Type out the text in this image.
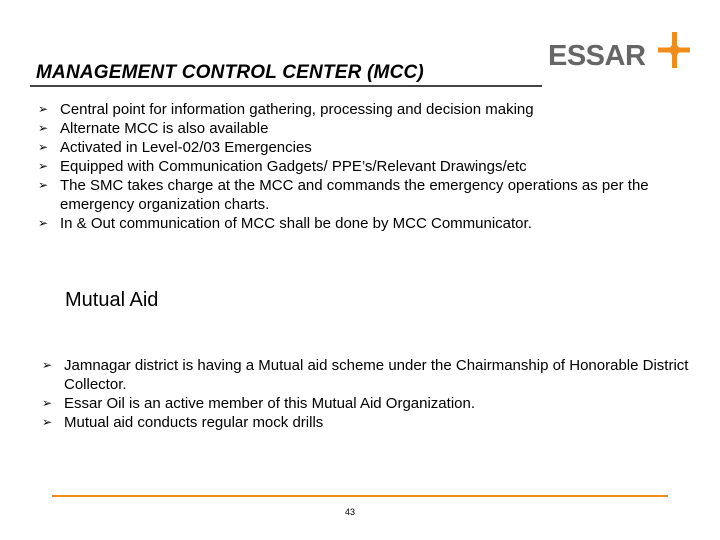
MANAGEMENT CONTROL CENTER (MCC)
ESSAR
➢ Central point for information gathering, processing and decision making
➢ Alternate MCC is also available
➢ Activated in Level-02/03 Emergencies
➢ Equipped with Communication Gadgets/ PPE’s/Relevant Drawings/etc
➢ The SMC takes charge at the MCC and commands the emergency operations as per the emergency organization charts.
➢ In & Out communication of MCC shall be done by MCC Communicator.
Mutual Aid
➢ Jamnagar district is having a Mutual aid scheme under the Chairmanship of Honorable District Collector.
➢ Essar Oil is an active member of this Mutual Aid Organization.
➢ Mutual aid conducts regular mock drills
43
